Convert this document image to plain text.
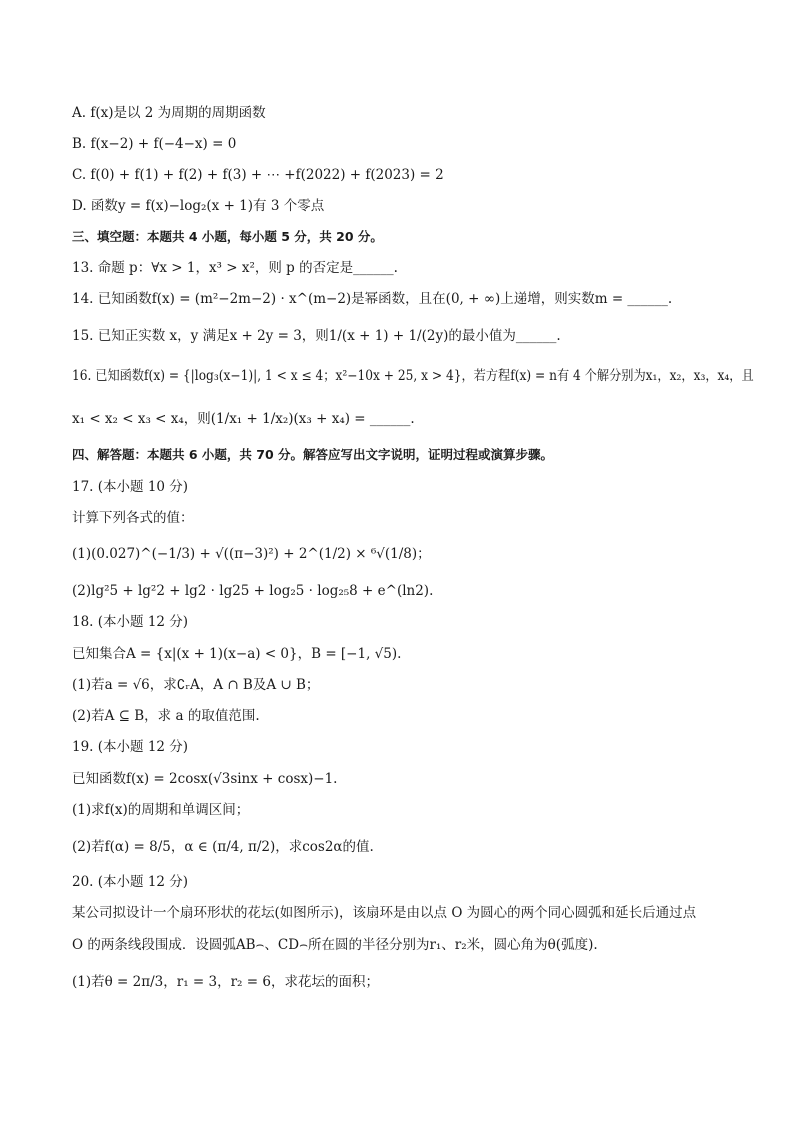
A. f(x)是以 2 为周期的周期函数
B. f(x−2) + f(−4−x) = 0
C. f(0) + f(1) + f(2) + f(3) + ⋯ +f(2022) + f(2023) = 2
D. 函数y = f(x)−log₂(x + 1)有 3 个零点
三、填空题：本题共 4 小题，每小题 5 分，共 20 分。
13. 命题 p：∀x > 1，x³ > x²，则 p 的否定是______.
14. 已知函数f(x) = (m²−2m−2) · x^(m−2)是幂函数，且在(0, + ∞)上递增，则实数m = ______.
15. 已知正实数 x，y 满足x + 2y = 3，则1/(x + 1) + 1/(2y)的最小值为______.
16. 已知函数f(x) = {|log₃(x−1)|, 1 < x ≤ 4；x²−10x + 25, x > 4}，若方程f(x) = n有 4 个解分别为x₁，x₂，x₃，x₄，且
x₁ < x₂ < x₃ < x₄，则(1/x₁ + 1/x₂)(x₃ + x₄) = ______.
四、解答题：本题共 6 小题，共 70 分。解答应写出文字说明，证明过程或演算步骤。
17. (本小题 10 分)
计算下列各式的值：
(1)(0.027)^(−1/3) + √((π−3)²) + 2^(1/2) × ⁶√(1/8)；
(2)lg²5 + lg²2 + lg2 · lg25 + log₂5 · log₂₅8 + e^(ln2).
18. (本小题 12 分)
已知集合A = {x|(x + 1)(x−a) < 0}，B = [−1, √5).
(1)若a = √6，求∁ᵣA，A ∩ B及A ∪ B；
(2)若A ⊆ B，求 a 的取值范围.
19. (本小题 12 分)
已知函数f(x) = 2cosx(√3sinx + cosx)−1.
(1)求f(x)的周期和单调区间；
(2)若f(α) = 8/5，α ∈ (π/4, π/2)，求cos2α的值.
20. (本小题 12 分)
某公司拟设计一个扇环形状的花坛(如图所示)，该扇环是由以点 O 为圆心的两个同心圆弧和延长后通过点
O 的两条线段围成．设圆弧AB⌢、CD⌢所在圆的半径分别为r₁、r₂米，圆心角为θ(弧度).
(1)若θ = 2π/3，r₁ = 3，r₂ = 6，求花坛的面积；
